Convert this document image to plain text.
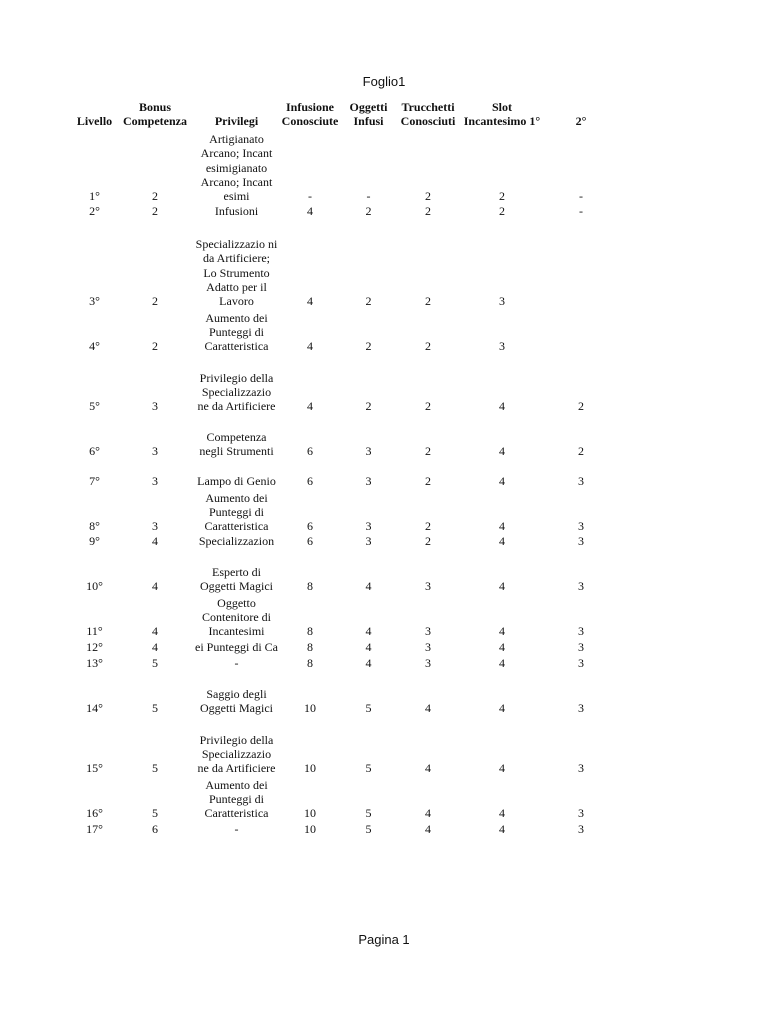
Foglio1
Livello	Bonus Competenza	Privilegi	Infusione Conosciute	Oggetti Infusi	Trucchetti Conosciuti	Slot Incantesimo 1°	2°
1°	2	Artigianato Arcano; Incant esimigianato Arcano; Incant esimi	-	-	2	2	-
2°	2	Infusioni	4	2	2	2	-
3°	2	Specializzazio ni da Artificiere; Lo Strumento Adatto per il Lavoro	4	2	2	3	
4°	2	Aumento dei Punteggi di Caratteristica	4	2	2	3	
5°	3	Privilegio della Specializzazio ne da Artificiere	4	2	2	4	2
6°	3	Competenza negli Strumenti	6	3	2	4	2
7°	3	Lampo di Genio	6	3	2	4	3
8°	3	Aumento dei Punteggi di Caratteristica	6	3	2	4	3
9°	4	Specializzazion	6	3	2	4	3
10°	4	Esperto di Oggetti Magici	8	4	3	4	3
11°	4	Oggetto Contenitore di Incantesimi	8	4	3	4	3
12°	4	ei Punteggi di Ca	8	4	3	4	3
13°	5	-	8	4	3	4	3
14°	5	Saggio degli Oggetti Magici	10	5	4	4	3
15°	5	Privilegio della Specializzazio ne da Artificiere	10	5	4	4	3
16°	5	Aumento dei Punteggi di Caratteristica	10	5	4	4	3
17°	6	-	10	5	4	4	3
Pagina 1
